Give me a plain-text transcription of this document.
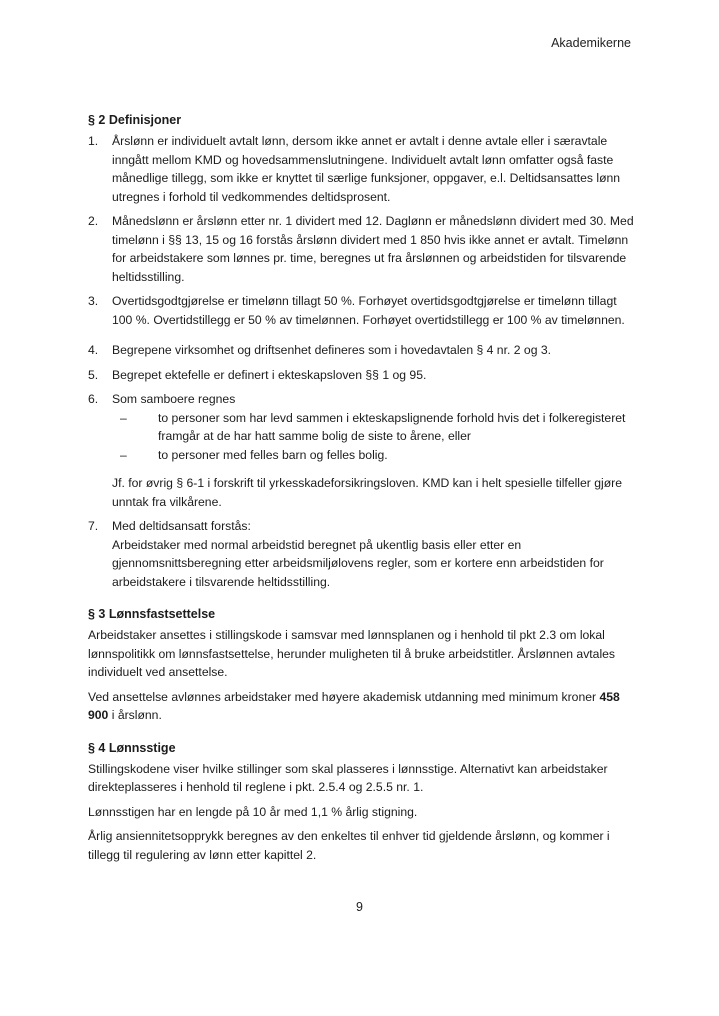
Akademikerne
§ 2 Definisjoner
1. Årslønn er individuelt avtalt lønn, dersom ikke annet er avtalt i denne avtale eller i særavtale inngått mellom KMD og hovedsammenslutningene. Individuelt avtalt lønn omfatter også faste månedlige tillegg, som ikke er knyttet til særlige funksjoner, oppgaver, e.l. Deltidsansattes lønn utregnes i forhold til vedkommendes deltidsprosent.
2. Månedslønn er årslønn etter nr. 1 dividert med 12. Daglønn er månedslønn dividert med 30. Med timelønn i §§ 13, 15 og 16 forstås årslønn dividert med 1 850 hvis ikke annet er avtalt. Timelønn for arbeidstakere som lønnes pr. time, beregnes ut fra årslønnen og arbeidstiden for tilsvarende heltidsstilling.
3. Overtidsgodtgjørelse er timelønn tillagt 50 %. Forhøyet overtidsgodtgjørelse er timelønn tillagt 100 %. Overtidstillegg er 50 % av timelønnen. Forhøyet overtidstillegg er 100 % av timelønnen.
4. Begrepene virksomhet og driftsenhet defineres som i hovedavtalen § 4 nr. 2 og 3.
5. Begrepet ektefelle er definert i ekteskapsloven §§ 1 og 95.
6. Som samboere regnes
–	to personer som har levd sammen i ekteskapslignende forhold hvis det i folkeregisteret framgår at de har hatt samme bolig de siste to årene, eller
–	to personer med felles barn og felles bolig.
Jf. for øvrig § 6-1 i forskrift til yrkesskadeforsikringsloven. KMD kan i helt spesielle tilfeller gjøre unntak fra vilkårene.
7. Med deltidsansatt forstås:
Arbeidstaker med normal arbeidstid beregnet på ukentlig basis eller etter en gjennomsnittsberegning etter arbeidsmiljølovens regler, som er kortere enn arbeidstiden for arbeidstakere i tilsvarende heltidsstilling.
§ 3 Lønnsfastsettelse

Arbeidstaker ansettes i stillingskode i samsvar med lønnsplanen og i henhold til pkt 2.3 om lokal lønnspolitikk om lønnsfastsettelse, herunder muligheten til å bruke arbeidstitler. Årslønnen avtales individuelt ved ansettelse.

Ved ansettelse avlønnes arbeidstaker med høyere akademisk utdanning med minimum kroner 458 900 i årslønn.

§ 4 Lønnsstige

Stillingskodene viser hvilke stillinger som skal plasseres i lønnsstige. Alternativt kan arbeidstaker direkteplasseres i henhold til reglene i pkt. 2.5.4 og 2.5.5 nr. 1.

Lønnsstigen har en lengde på 10 år med 1,1 % årlig stigning.

Årlig ansiennitetsopprykk beregnes av den enkeltes til enhver tid gjeldende årslønn, og kommer i tillegg til regulering av lønn etter kapittel 2.

9
